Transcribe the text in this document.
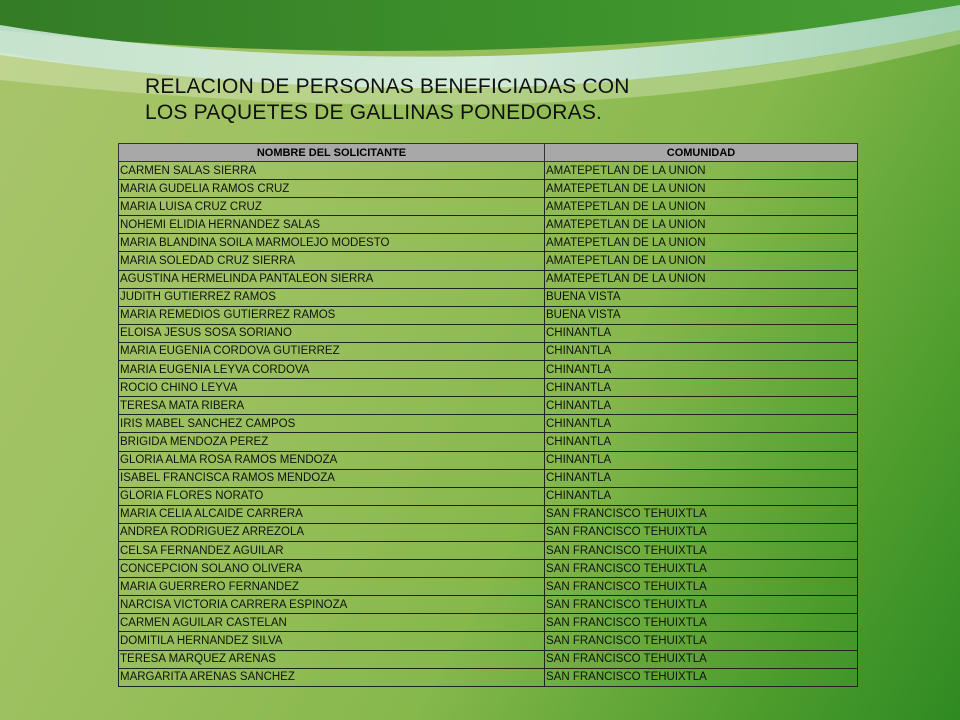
RELACION DE PERSONAS BENEFICIADAS CON
LOS PAQUETES DE GALLINAS PONEDORAS.
NOMBRE DEL SOLICITANTE	COMUNIDAD
CARMEN SALAS SIERRA	AMATEPETLAN DE LA UNION
MARIA GUDELIA RAMOS CRUZ	AMATEPETLAN DE LA UNION
MARIA LUISA CRUZ CRUZ	AMATEPETLAN DE LA UNION
NOHEMI ELIDIA HERNANDEZ SALAS	AMATEPETLAN DE LA UNION
MARIA BLANDINA SOILA MARMOLEJO MODESTO	AMATEPETLAN DE LA UNION
MARIA SOLEDAD CRUZ SIERRA	AMATEPETLAN DE LA UNION
AGUSTINA HERMELINDA PANTALEON SIERRA	AMATEPETLAN DE LA UNION
JUDITH GUTIERREZ RAMOS	BUENA VISTA
MARIA REMEDIOS GUTIERREZ RAMOS	BUENA VISTA
ELOISA JESUS SOSA SORIANO	CHINANTLA
MARIA EUGENIA CORDOVA GUTIERREZ	CHINANTLA
MARIA EUGENIA LEYVA CORDOVA	CHINANTLA
ROCIO CHINO LEYVA	CHINANTLA
TERESA MATA RIBERA	CHINANTLA
IRIS MABEL SANCHEZ CAMPOS	CHINANTLA
BRIGIDA MENDOZA PEREZ	CHINANTLA
GLORIA ALMA ROSA RAMOS MENDOZA	CHINANTLA
ISABEL FRANCISCA RAMOS MENDOZA	CHINANTLA
GLORIA FLORES NORATO	CHINANTLA
MARIA CELIA ALCAIDE CARRERA	SAN FRANCISCO TEHUIXTLA
ANDREA RODRIGUEZ ARREZOLA	SAN FRANCISCO TEHUIXTLA
CELSA FERNANDEZ AGUILAR	SAN FRANCISCO TEHUIXTLA
CONCEPCION SOLANO OLIVERA	SAN FRANCISCO TEHUIXTLA
MARIA GUERRERO FERNANDEZ	SAN FRANCISCO TEHUIXTLA
NARCISA VICTORIA CARRERA ESPINOZA	SAN FRANCISCO TEHUIXTLA
CARMEN AGUILAR CASTELAN	SAN FRANCISCO TEHUIXTLA
DOMITILA HERNANDEZ SILVA	SAN FRANCISCO TEHUIXTLA
TERESA MARQUEZ ARENAS	SAN FRANCISCO TEHUIXTLA
MARGARITA ARENAS SANCHEZ	SAN FRANCISCO TEHUIXTLA
